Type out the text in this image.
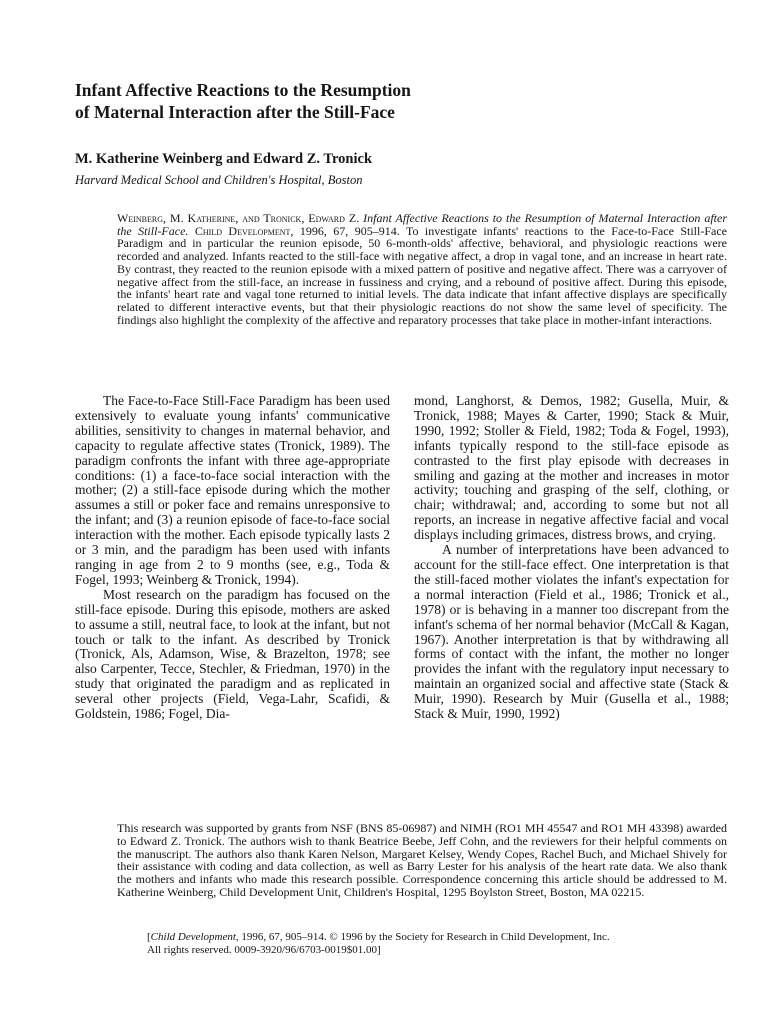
Infant Affective Reactions to the Resumption
of Maternal Interaction after the Still-Face

M. Katherine Weinberg and Edward Z. Tronick

Harvard Medical School and Children's Hospital, Boston

Weinberg, M. Katherine, and Tronick, Edward Z. Infant Affective Reactions to the Resumption of Maternal Interaction after the Still-Face. Child Development, 1996, 67, 905–914. To investigate infants' reactions to the Face-to-Face Still-Face Paradigm and in particular the reunion episode, 50 6-month-olds' affective, behavioral, and physiologic reactions were recorded and analyzed. Infants reacted to the still-face with negative affect, a drop in vagal tone, and an increase in heart rate. By contrast, they reacted to the reunion episode with a mixed pattern of positive and negative affect. There was a carryover of negative affect from the still-face, an increase in fussiness and crying, and a rebound of positive affect. During this episode, the infants' heart rate and vagal tone returned to initial levels. The data indicate that infant affective displays are specifically related to different interactive events, but that their physiologic reactions do not show the same level of specificity. The findings also highlight the complexity of the affective and reparatory processes that take place in mother-infant interactions.

The Face-to-Face Still-Face Paradigm has been used extensively to evaluate young infants' communicative abilities, sensitivity to changes in maternal behavior, and capacity to regulate affective states (Tronick, 1989). The paradigm confronts the infant with three age-appropriate conditions: (1) a face-to-face social interaction with the mother; (2) a still-face episode during which the mother assumes a still or poker face and remains unresponsive to the infant; and (3) a reunion episode of face-to-face social interaction with the mother. Each episode typically lasts 2 or 3 min, and the paradigm has been used with infants ranging in age from 2 to 9 months (see, e.g., Toda & Fogel, 1993; Weinberg & Tronick, 1994).

Most research on the paradigm has focused on the still-face episode. During this episode, mothers are asked to assume a still, neutral face, to look at the infant, but not touch or talk to the infant. As described by Tronick (Tronick, Als, Adamson, Wise, & Brazelton, 1978; see also Carpenter, Tecce, Stechler, & Friedman, 1970) in the study that originated the paradigm and as replicated in several other projects (Field, Vega-Lahr, Scafidi, & Goldstein, 1986; Fogel, Dia-

mond, Langhorst, & Demos, 1982; Gusella, Muir, & Tronick, 1988; Mayes & Carter, 1990; Stack & Muir, 1990, 1992; Stoller & Field, 1982; Toda & Fogel, 1993), infants typically respond to the still-face episode as contrasted to the first play episode with decreases in smiling and gazing at the mother and increases in motor activity; touching and grasping of the self, clothing, or chair; withdrawal; and, according to some but not all reports, an increase in negative affective facial and vocal displays including grimaces, distress brows, and crying.

A number of interpretations have been advanced to account for the still-face effect. One interpretation is that the still-faced mother violates the infant's expectation for a normal interaction (Field et al., 1986; Tronick et al., 1978) or is behaving in a manner too discrepant from the infant's schema of her normal behavior (McCall & Kagan, 1967). Another interpretation is that by withdrawing all forms of contact with the infant, the mother no longer provides the infant with the regulatory input necessary to maintain an organized social and affective state (Stack & Muir, 1990). Research by Muir (Gusella et al., 1988; Stack & Muir, 1990, 1992)

This research was supported by grants from NSF (BNS 85-06987) and NIMH (RO1 MH 45547 and RO1 MH 43398) awarded to Edward Z. Tronick. The authors wish to thank Beatrice Beebe, Jeff Cohn, and the reviewers for their helpful comments on the manuscript. The authors also thank Karen Nelson, Margaret Kelsey, Wendy Copes, Rachel Buch, and Michael Shively for their assistance with coding and data collection, as well as Barry Lester for his analysis of the heart rate data. We also thank the mothers and infants who made this research possible. Correspondence concerning this article should be addressed to M. Katherine Weinberg, Child Development Unit, Children's Hospital, 1295 Boylston Street, Boston, MA 02215.

[Child Development, 1996, 67, 905–914. © 1996 by the Society for Research in Child Development, Inc.
All rights reserved. 0009-3920/96/6703-0019$01.00]
